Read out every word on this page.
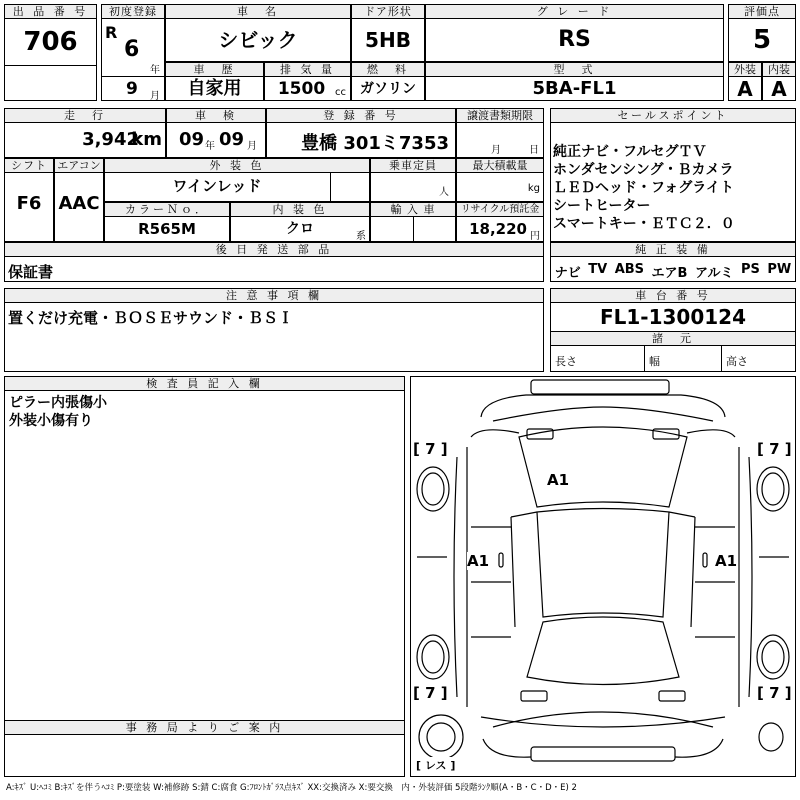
出 品 番 号
706
初度登録
R
6
年
9 月
車　名
シビック
ドア形状
5HB
グ レ ー ド
RS
評価点
5
車　歴
自家用
排 気 量
1500 cc
燃　料
ガソリン
型　式
5BA-FL1
外装
A
内装
A
走　行
3,942
km
車　検
09 年 09 月
登 録 番 号
豊橋 301ミ7353
譲渡書類期限
月	日
セールスポイント
純正ナビ・フルセグＴＶ
ホンダセンシング・Ｂカメラ
ＬＥＤヘッド・フォグライト
シートヒーター
スマートキー・ＥＴＣ２．０
シフト
F6
エアコン
AAC
外 装 色
ワインレッド
乗車定員
人
最大積載量
kg
カラーＮｏ．
R565M
内 装 色
クロ	系
輸 入 車	リサイクル預託金
18,220 円
後 日 発 送 部 品
保証書
純 正 装 備
ナビ TV ABS エアB アルミ PS PW
注 意 事 項 欄
置くだけ充電・ＢＯＳＥサウンド・ＢＳＩ
車 台 番 号
FL1-1300124
諸　元
長さ	幅	高さ
検 査 員 記 入 欄
ピラー内張傷小
外装小傷有り
事 務 局 よ り ご 案 内
[ 7 ]	[ 7 ]
[ 7 ]	[ 7 ]
[ レス ]
A1
A1	A1
A:ｷｽﾞ U:ﾍｺﾐ B:ｷｽﾞを伴うﾍｺﾐ P:要塗装 W:補修跡 S:錆 C:腐食 G:ﾌﾛﾝﾄｶﾞﾗｽ点ｷｽﾞ XX:交換済み X:要交換　内・外装評価 5段階ﾗﾝｸ順(A・B・C・D・E) 2
